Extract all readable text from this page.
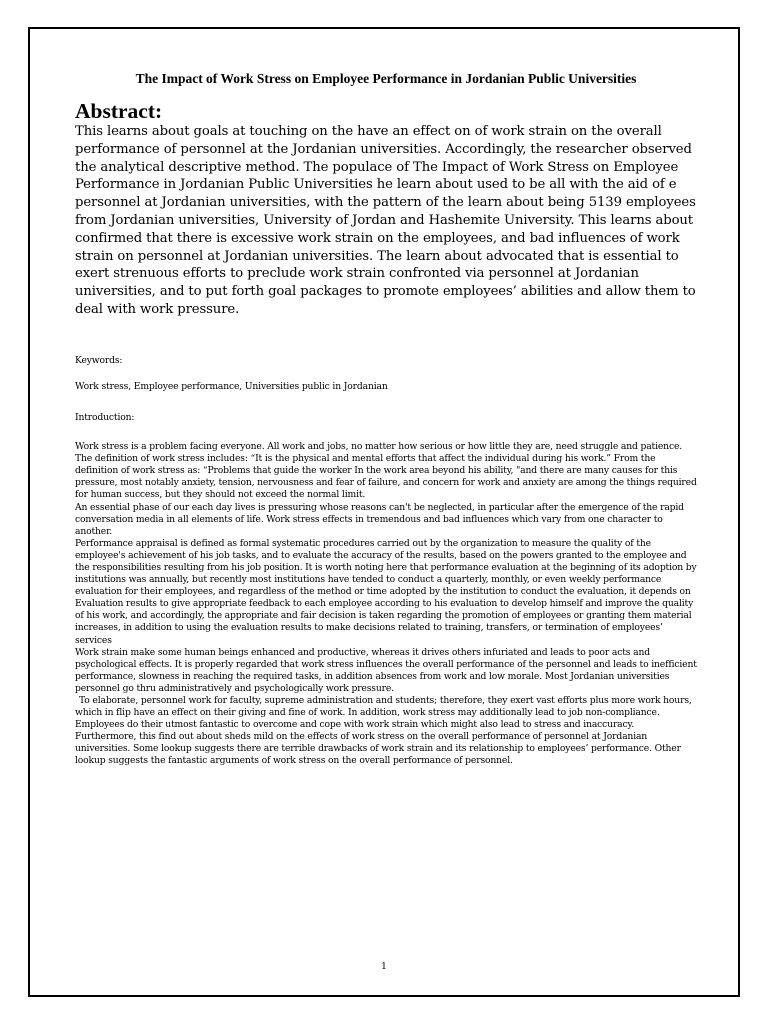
The Impact of Work Stress on Employee Performance in Jordanian Public Universities
Abstract:

This learns about goals at touching on the have an effect on of work strain on the overall performance of personnel at the Jordanian universities. Accordingly, the researcher observed the analytical descriptive method. The populace of The Impact of Work Stress on Employee Performance in Jordanian Public Universities he learn about used to be all with the aid of e personnel at Jordanian universities, with the pattern of the learn about being 5139 employees from Jordanian universities, University of Jordan and Hashemite University. This learns about confirmed that there is excessive work strain on the employees, and bad influences of work strain on personnel at Jordanian universities. The learn about advocated that is essential to exert strenuous efforts to preclude work strain confronted via personnel at Jordanian universities, and to put forth goal packages to promote employees’ abilities and allow them to deal with work pressure.

Keywords:

Work stress, Employee performance, Universities public in Jordanian

Introduction:

Work stress is a problem facing everyone. All work and jobs, no matter how serious or how little they are, need struggle and patience. The definition of work stress includes: “It is the physical and mental efforts that affect the individual during his work.” From the definition of work stress as: “Problems that guide the worker In the work area beyond his ability, "and there are many causes for this pressure, most notably anxiety, tension, nervousness and fear of failure, and concern for work and anxiety are among the things required for human success, but they should not exceed the normal limit.

An essential phase of our each day lives is pressuring whose reasons can't be neglected, in particular after the emergence of the rapid conversation media in all elements of life. Work stress effects in tremendous and bad influences which vary from one character to another.

Performance appraisal is defined as formal systematic procedures carried out by the organization to measure the quality of the employee's achievement of his job tasks, and to evaluate the accuracy of the results, based on the powers granted to the employee and the responsibilities resulting from his job position. It is worth noting here that performance evaluation at the beginning of its adoption by institutions was annually, but recently most institutions have tended to conduct a quarterly, monthly, or even weekly performance evaluation for their employees, and regardless of the method or time adopted by the institution to conduct the evaluation, it depends on Evaluation results to give appropriate feedback to each employee according to his evaluation to develop himself and improve the quality of his work, and accordingly, the appropriate and fair decision is taken regarding the promotion of employees or granting them material increases, in addition to using the evaluation results to make decisions related to training, transfers, or termination of employees’ services

Work strain make some human beings enhanced and productive, whereas it drives others infuriated and leads to poor acts and psychological effects. It is properly regarded that work stress influences the overall performance of the personnel and leads to inefficient performance, slowness in reaching the required tasks, in addition absences from work and low morale. Most Jordanian universities personnel go thru administratively and psychologically work pressure.

To elaborate, personnel work for faculty, supreme administration and students; therefore, they exert vast efforts plus more work hours, which in flip have an effect on their giving and fine of work. In addition, work stress may additionally lead to job non-compliance. Employees do their utmost fantastic to overcome and cope with work strain which might also lead to stress and inaccuracy.

Furthermore, this find out about sheds mild on the effects of work stress on the overall performance of personnel at Jordanian universities. Some lookup suggests there are terrible drawbacks of work strain and its relationship to employees’ performance. Other lookup suggests the fantastic arguments of work stress on the overall performance of personnel.

1
